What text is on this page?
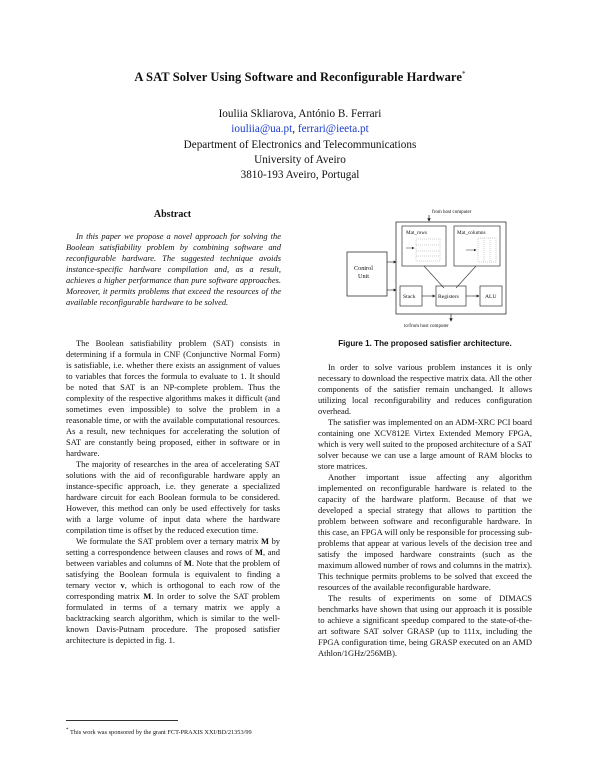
A SAT Solver Using Software and Reconfigurable Hardware*
Iouliia Skliarova, António B. Ferrari
iouliia@ua.pt, ferrari@ieeta.pt
Department of Electronics and Telecommunications
University of Aveiro
3810-193 Aveiro, Portugal
Abstract

In this paper we propose a novel approach for solving the Boolean satisfiability problem by combining software and reconfigurable hardware. The suggested technique avoids instance-specific hardware compilation and, as a result, achieves a higher performance than pure software approaches. Moreover, it permits problems that exceed the resources of the available reconfigurable hardware to be solved.

The Boolean satisfiability problem (SAT) consists in determining if a formula in CNF (Conjunctive Normal Form) is satisfiable, i.e. whether there exists an assignment of values to variables that forces the formula to evaluate to 1. It should be noted that SAT is an NP-complete problem. Thus the complexity of the respective algorithms makes it difficult (and sometimes even impossible) to solve the problem in a reasonable time, or with the available computational resources. As a result, new techniques for accelerating the solution of SAT are constantly being proposed, either in software or in hardware.

The majority of researches in the area of accelerating SAT solutions with the aid of reconfigurable hardware apply an instance-specific approach, i.e. they generate a specialized hardware circuit for each Boolean formula to be considered. However, this method can only be used effectively for tasks with a large volume of input data where the hardware compilation time is offset by the reduced execution time.

We formulate the SAT problem over a ternary matrix M by setting a correspondence between clauses and rows of M, and between variables and columns of M. Note that the problem of satisfying the Boolean formula is equivalent to finding a ternary vector v, which is orthogonal to each row of the corresponding matrix M. In order to solve the SAT problem formulated in terms of a ternary matrix we apply a backtracking search algorithm, which is similar to the well-known Davis-Putnam procedure. The proposed satisfier architecture is depicted in fig. 1.

from host computer
Mat_rows	Mat_columns
Control
Unit
Stack	Registers	ALU
to/from host computer
Figure 1. The proposed satisfier architecture.

In order to solve various problem instances it is only necessary to download the respective matrix data. All the other components of the satisfier remain unchanged. It allows utilizing local reconfigurability and reduces configuration overhead.

The satisfier was implemented on an ADM-XRC PCI board containing one XCV812E Virtex Extended Memory FPGA, which is very well suited to the proposed architecture of a SAT solver because we can use a large amount of RAM blocks to store matrices.

Another important issue affecting any algorithm implemented on reconfigurable hardware is related to the capacity of the hardware platform. Because of that we developed a special strategy that allows to partition the problem between software and reconfigurable hardware. In this case, an FPGA will only be responsible for processing sub-problems that appear at various levels of the decision tree and satisfy the imposed hardware constraints (such as the maximum allowed number of rows and columns in the matrix). This technique permits problems to be solved that exceed the resources of the available reconfigurable hardware.

The results of experiments on some of DIMACS benchmarks have shown that using our approach it is possible to achieve a significant speedup compared to the state-of-the-art software SAT solver GRASP (up to 111x, including the FPGA configuration time, being GRASP executed on an AMD Athlon/1GHz/256MB).

* This work was sponsored by the grant FCT-PRAXIS XXI/BD/21353/99
